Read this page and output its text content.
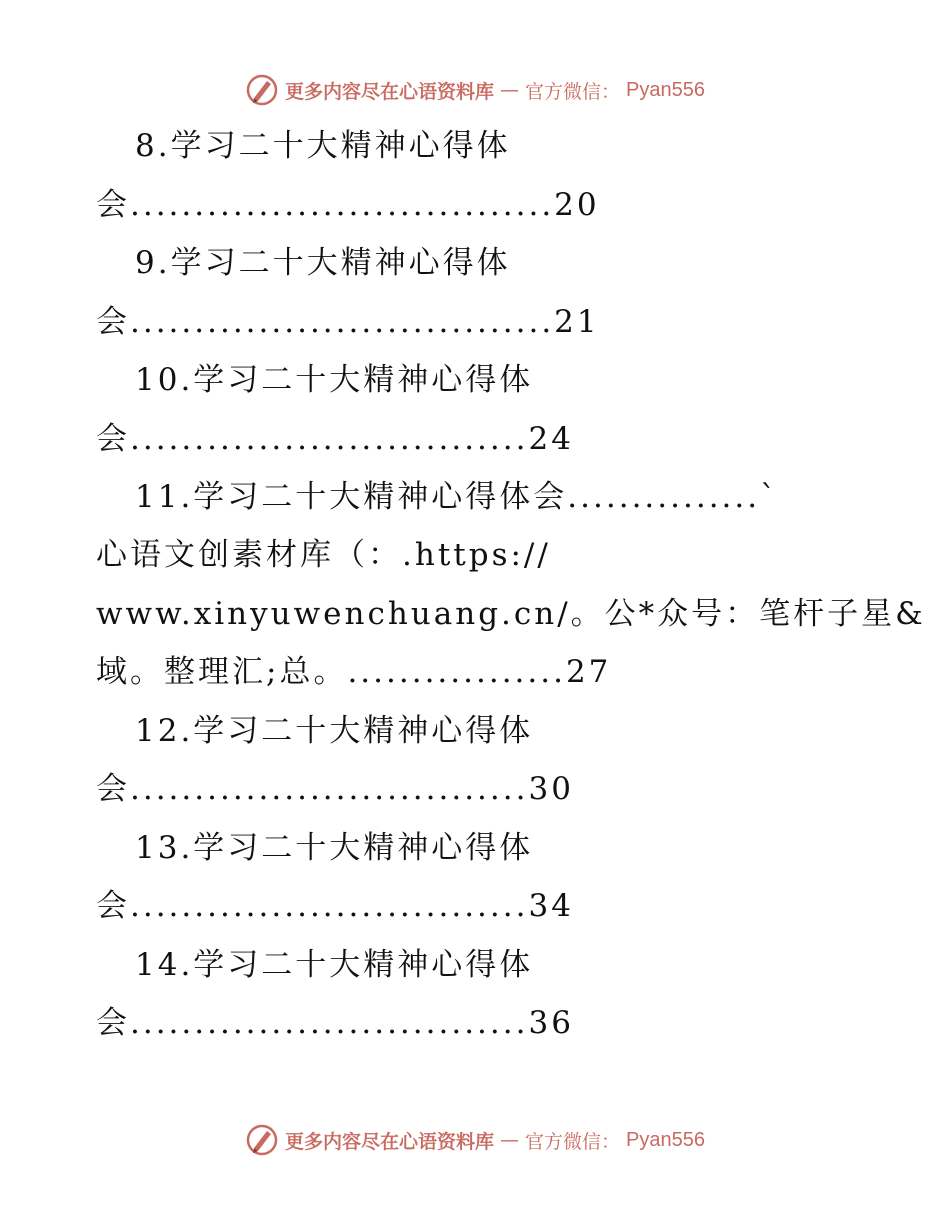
更多内容尽在心语资料库 — 官方微信： Pyan556
8.学习二十大精神心得体
会.................................20
9.学习二十大精神心得体
会.................................21
10.学习二十大精神心得体
会...............................24
11.学习二十大精神心得体会...............`
心语文创素材库（：.https://
www.xinyuwenchuang.cn/。公*众号：笔杆子星&
域。整理汇;总。.................27
12.学习二十大精神心得体
会...............................30
13.学习二十大精神心得体
会...............................34
14.学习二十大精神心得体
会...............................36
更多内容尽在心语资料库 — 官方微信： Pyan556
